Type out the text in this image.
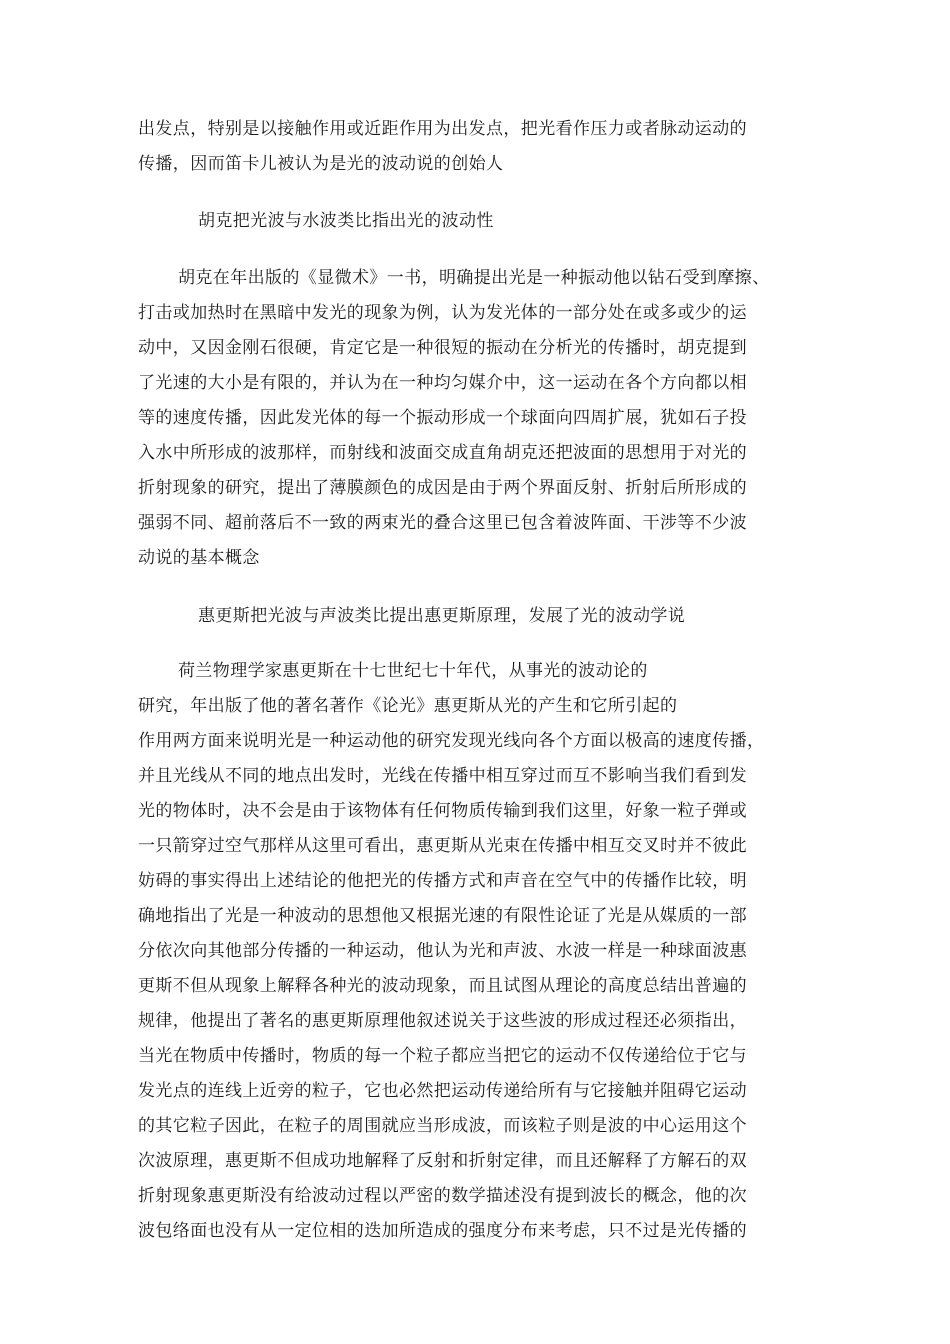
出发点，特别是以接触作用或近距作用为出发点，把光看作压力或者脉动运动的
传播，因而笛卡儿被认为是光的波动说的创始人
胡克把光波与水波类比指出光的波动性
胡克在年出版的《显微术》一书，明确提出光是一种振动他以钻石受到摩擦、
打击或加热时在黑暗中发光的现象为例，认为发光体的一部分处在或多或少的运
动中，又因金刚石很硬，肯定它是一种很短的振动在分析光的传播时，胡克提到
了光速的大小是有限的，并认为在一种均匀媒介中，这一运动在各个方向都以相
等的速度传播，因此发光体的每一个振动形成一个球面向四周扩展，犹如石子投
入水中所形成的波那样，而射线和波面交成直角胡克还把波面的思想用于对光的
折射现象的研究，提出了薄膜颜色的成因是由于两个界面反射、折射后所形成的
强弱不同、超前落后不一致的两束光的叠合这里已包含着波阵面、干涉等不少波
动说的基本概念
惠更斯把光波与声波类比提出惠更斯原理，发展了光的波动学说
荷兰物理学家惠更斯在十七世纪七十年代，从事光的波动论的
研究，年出版了他的著名著作《论光》惠更斯从光的产生和它所引起的
作用两方面来说明光是一种运动他的研究发现光线向各个方面以极高的速度传播，
并且光线从不同的地点出发时，光线在传播中相互穿过而互不影响当我们看到发
光的物体时，决不会是由于该物体有任何物质传输到我们这里，好象一粒子弹或
一只箭穿过空气那样从这里可看出，惠更斯从光束在传播中相互交叉时并不彼此
妨碍的事实得出上述结论的他把光的传播方式和声音在空气中的传播作比较，明
确地指出了光是一种波动的思想他又根据光速的有限性论证了光是从媒质的一部
分依次向其他部分传播的一种运动，他认为光和声波、水波一样是一种球面波惠
更斯不但从现象上解释各种光的波动现象，而且试图从理论的高度总结出普遍的
规律，他提出了著名的惠更斯原理他叙述说关于这些波的形成过程还必须指出，
当光在物质中传播时，物质的每一个粒子都应当把它的运动不仅传递给位于它与
发光点的连线上近旁的粒子，它也必然把运动传递给所有与它接触并阻碍它运动
的其它粒子因此，在粒子的周围就应当形成波，而该粒子则是波的中心运用这个
次波原理，惠更斯不但成功地解释了反射和折射定律，而且还解释了方解石的双
折射现象惠更斯没有给波动过程以严密的数学描述没有提到波长的概念，他的次
波包络面也没有从一定位相的迭加所造成的强度分布来考虑，只不过是光传播的
